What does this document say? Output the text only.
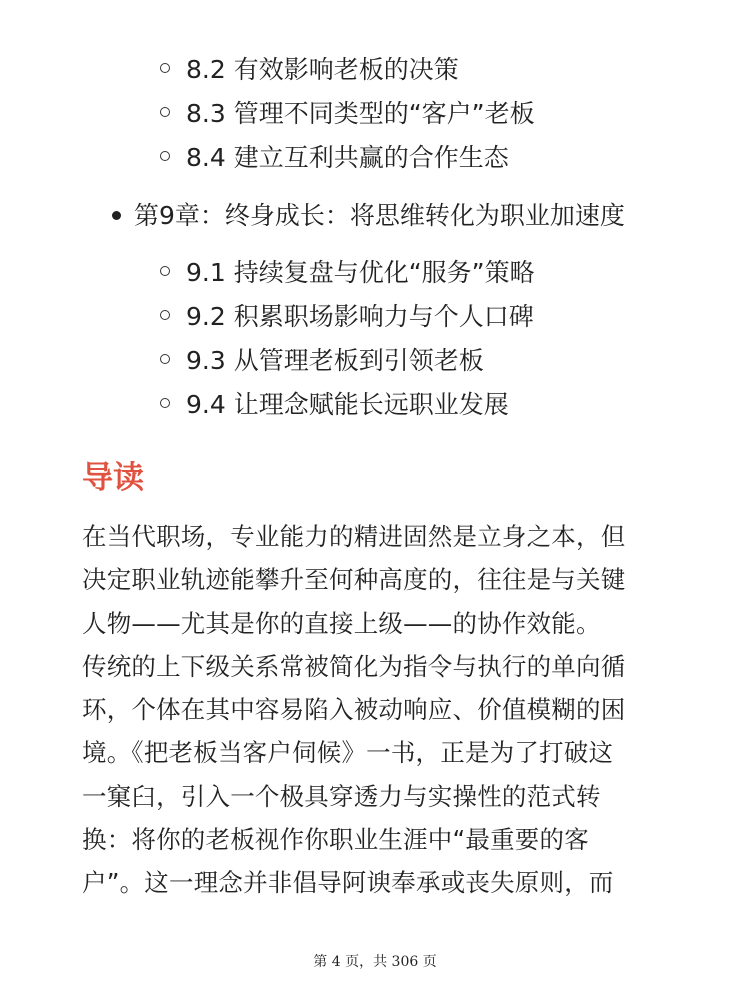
8.2 有效影响老板的决策
8.3 管理不同类型的“客户”老板
8.4 建立互利共赢的合作生态
第9章：终身成长：将思维转化为职业加速度
9.1 持续复盘与优化“服务”策略
9.2 积累职场影响力与个人口碑
9.3 从管理老板到引领老板
9.4 让理念赋能长远职业发展
导读

在当代职场，专业能力的精进固然是立身之本，但
决定职业轨迹能攀升至何种高度的，往往是与关键
人物——尤其是你的直接上级——的协作效能。
传统的上下级关系常被简化为指令与执行的单向循
环，个体在其中容易陷入被动响应、价值模糊的困
境。《把老板当客户伺候》一书，正是为了打破这
一窠臼，引入一个极具穿透力与实操性的范式转
换：将你的老板视作你职业生涯中“最重要的客
户”。这一理念并非倡导阿谀奉承或丧失原则，而

第 4 页，共 306 页
